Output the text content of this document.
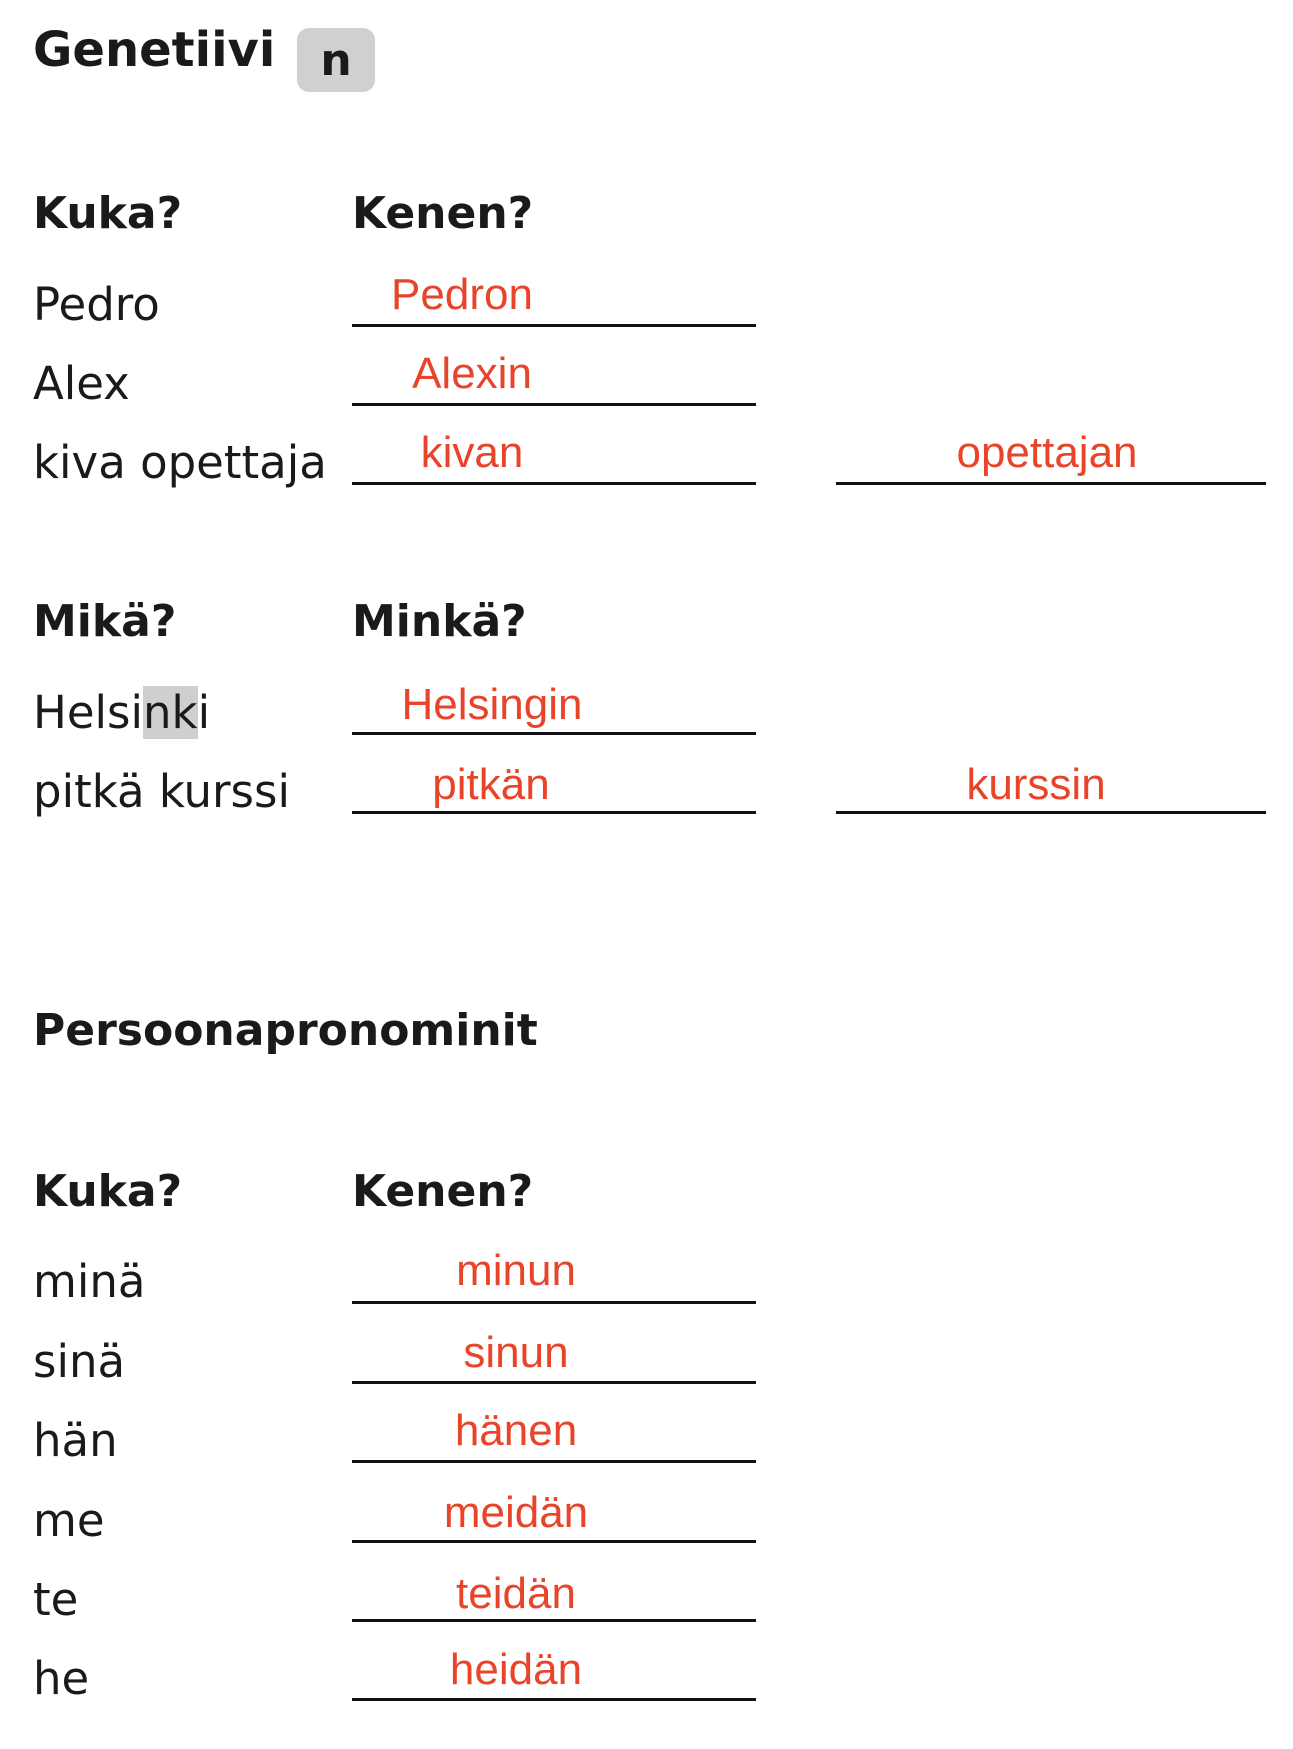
Genetiivi	n
Kuka?	Kenen?
Pedro	Pedron
Alex	Alexin
kiva opettaja	kivan	opettajan
Mikä?	Minkä?
Helsinki	Helsingin
pitkä kurssi	pitkän	kurssin
Persoonapronominit
Kuka?	Kenen?
minä	minun
sinä	sinun
hän	hänen
me	meidän
te	teidän
he	heidän
